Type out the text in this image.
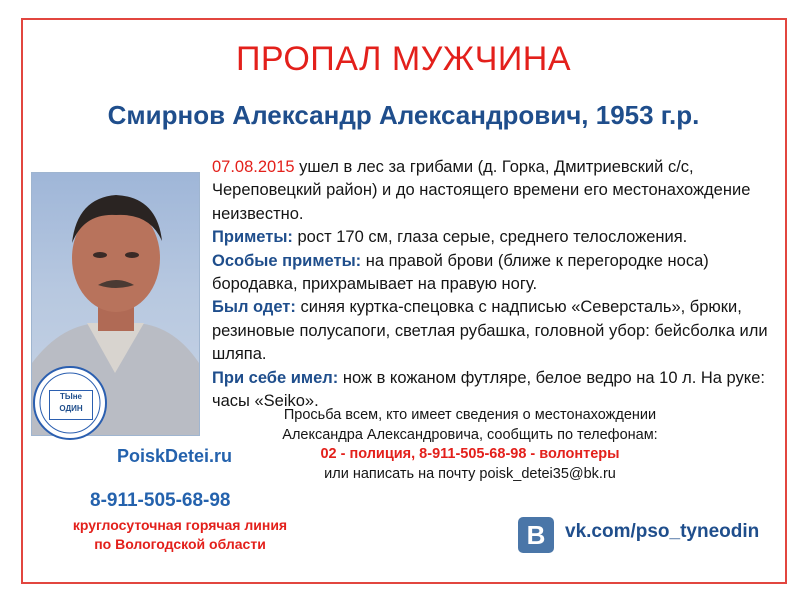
ПРОПАЛ МУЖЧИНА
Смирнов Александр Александрович, 1953 г.р.
ТЫне
ОДИН

07.08.2015 ушел в лес за грибами (д. Горка, Дмитриевский с/с, Череповецкий район) и до настоящего времени его местонахождение неизвестно.

Приметы: рост 170 см, глаза серые, среднего телосложения.

Особые приметы: на правой брови (ближе к перегородке носа) бородавка, прихрамывает на правую ногу.

Был одет: синяя куртка-спецовка с надписью «Северсталь», брюки, резиновые полусапоги, светлая рубашка, головной убор: бейсболка или шляпа.

При себе имел: нож в кожаном футляре, белое ведро на 10 л. На руке: часы «Seiko».

Просьба всем, кто имеет сведения о местонахождении
Александра Александровича, сообщить по телефонам:
02 - полиция, 8-911-505-68-98 - волонтеры
или написать на почту poisk_detei35@bk.ru
PoiskDetei.ru
8-911-505-68-98
круглосуточная горячая линия
по Вологодской области	B	vk.com/pso_tyneodin
